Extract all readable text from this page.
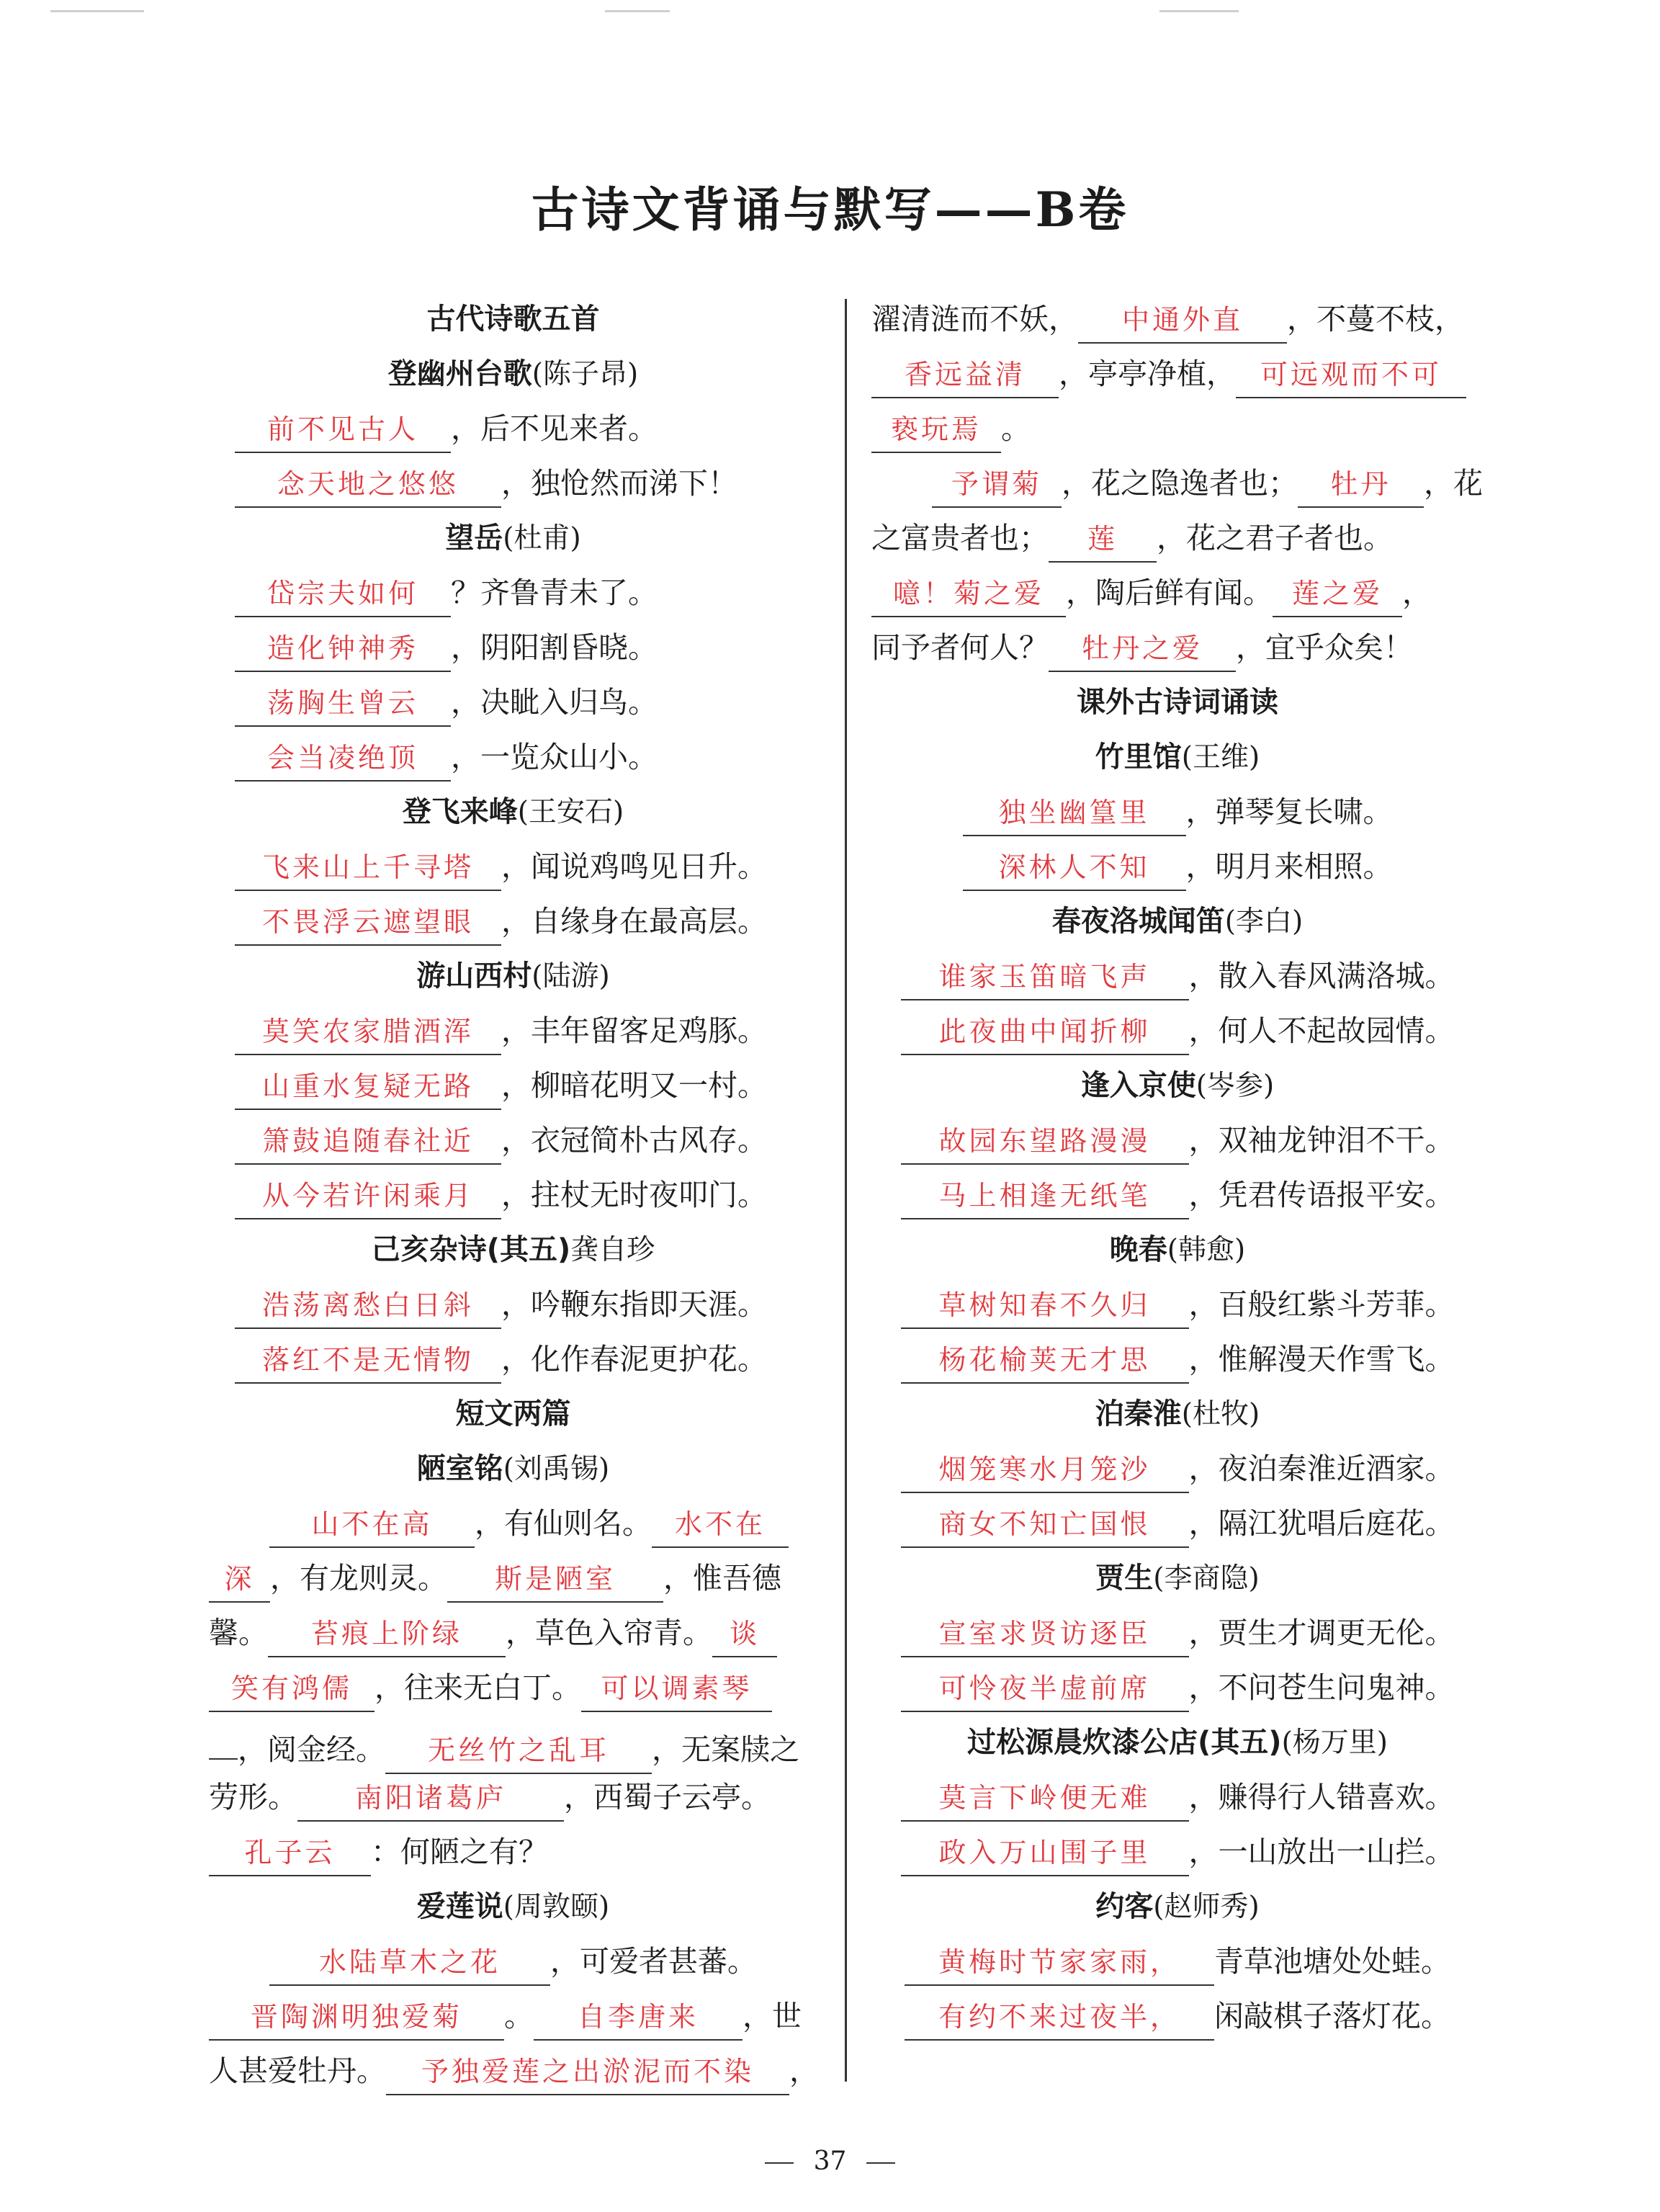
古诗文背诵与默写——B卷
古代诗歌五首
登幽州台歌(陈子昂)
前不见古人 ，后不见来者。
念天地之悠悠 ，独怆然而涕下！
望岳(杜甫)
岱宗夫如何 ？齐鲁青未了。
造化钟神秀 ，阴阳割昏晓。
荡胸生曾云 ，决眦入归鸟。
会当凌绝顶 ，一览众山小。
登飞来峰(王安石)
飞来山上千寻塔 ，闻说鸡鸣见日升。
不畏浮云遮望眼 ，自缘身在最高层。
游山西村(陆游)
莫笑农家腊酒浑 ，丰年留客足鸡豚。
山重水复疑无路 ，柳暗花明又一村。
箫鼓追随春社近 ，衣冠简朴古风存。
从今若许闲乘月 ，拄杖无时夜叩门。
己亥杂诗(其五)龚自珍
浩荡离愁白日斜 ，吟鞭东指即天涯。
落红不是无情物 ，化作春泥更护花。
短文两篇
陋室铭(刘禹锡)
山不在高 ，有仙则名。 水不在
深 ，有龙则灵。 斯是陋室 ，惟吾德
馨。 苔痕上阶绿 ，草色入帘青。 谈
笑有鸿儒 ，往来无白丁。 可以调素琴
，阅金经。 无丝竹之乱耳 ，无案牍之
劳形。 南阳诸葛庐 ，西蜀子云亭。
孔子云 ：何陋之有？
爱莲说(周敦颐)
水陆草木之花 ，可爱者甚蕃。
晋陶渊明独爱菊 。 自李唐来 ，世
人甚爱牡丹。 予独爱莲之出淤泥而不染 ，
濯清涟而不妖， 中通外直 ，不蔓不枝，
香远益清 ，亭亭净植， 可远观而不可
亵玩焉 。
予谓菊 ，花之隐逸者也； 牡丹 ，花
之富贵者也； 莲 ，花之君子者也。
噫！菊之爱 ，陶后鲜有闻。 莲之爱 ，
同予者何人？ 牡丹之爱 ，宜乎众矣！
课外古诗词诵读
竹里馆(王维)
独坐幽篁里 ，弹琴复长啸。
深林人不知 ，明月来相照。
春夜洛城闻笛(李白)
谁家玉笛暗飞声 ，散入春风满洛城。
此夜曲中闻折柳 ，何人不起故园情。
逢入京使(岑参)
故园东望路漫漫 ，双袖龙钟泪不干。
马上相逢无纸笔 ，凭君传语报平安。
晚春(韩愈)
草树知春不久归 ，百般红紫斗芳菲。
杨花榆荚无才思 ，惟解漫天作雪飞。
泊秦淮(杜牧)
烟笼寒水月笼沙 ，夜泊秦淮近酒家。
商女不知亡国恨 ，隔江犹唱后庭花。
贾生(李商隐)
宣室求贤访逐臣 ，贾生才调更无伦。
可怜夜半虚前席 ，不问苍生问鬼神。
过松源晨炊漆公店(其五)(杨万里)
莫言下岭便无难 ，赚得行人错喜欢。
政入万山围子里 ，一山放出一山拦。
约客(赵师秀)
黄梅时节家家雨， 青草池塘处处蛙。
有约不来过夜半， 闲敲棋子落灯花。
37
